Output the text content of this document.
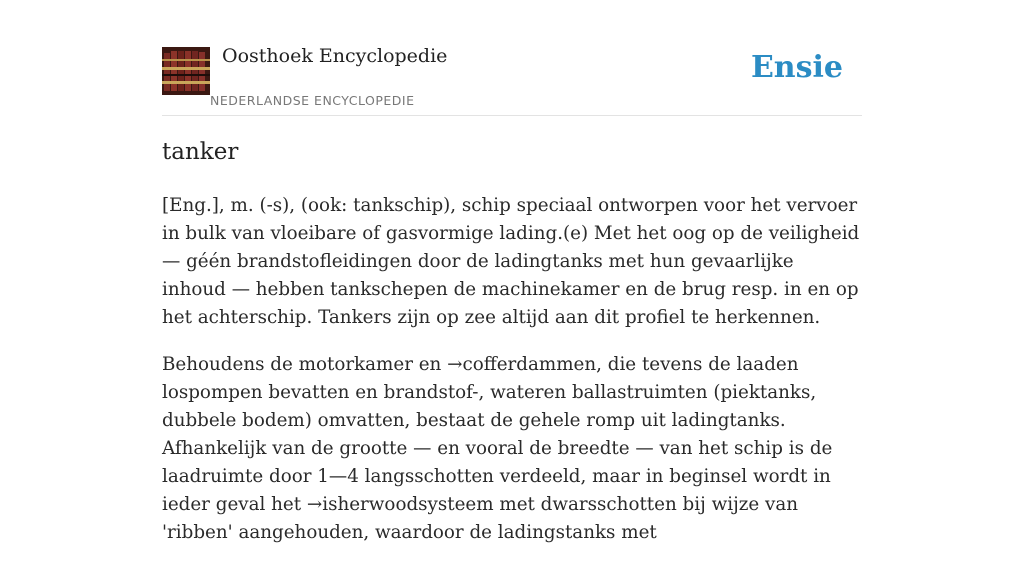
Oosthoek Encyclopedie
NEDERLANDSE ENCYCLOPEDIE
Ensie
tanker

[Eng.], m. (-s), (ook: tankschip), schip speciaal ontworpen voor het vervoer in bulk van vloeibare of gasvormige lading.(e) Met het oog op de veiligheid — géén brandstofleidingen door de ladingtanks met hun gevaarlijke inhoud — hebben tankschepen de machinekamer en de brug resp. in en op het achterschip. Tankers zijn op zee altijd aan dit profiel te herkennen.

Behoudens de motorkamer en →cofferdammen, die tevens de laaden lospompen bevatten en brandstof-, wateren ballastruimten (piektanks, dubbele bodem) omvatten, bestaat de gehele romp uit ladingtanks. Afhankelijk van de grootte — en vooral de breedte — van het schip is de laadruimte door 1—4 langsschotten verdeeld, maar in beginsel wordt in ieder geval het →isherwoodsysteem met dwarsschotten bij wijze van 'ribben' aangehouden, waardoor de ladingstanks met
